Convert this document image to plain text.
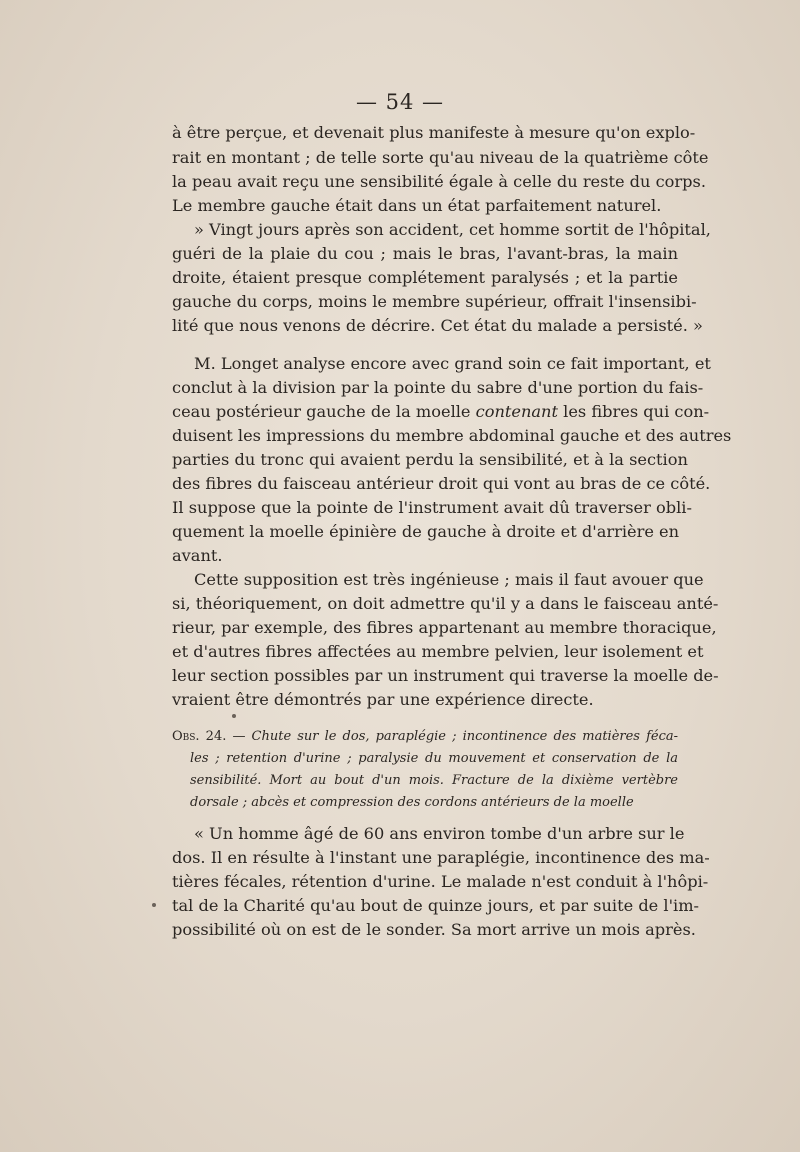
— 54 —
à être perçue, et devenait plus manifeste à mesure qu'on explo-
rait en montant ; de telle sorte qu'au niveau de la quatrième côte
la peau avait reçu une sensibilité égale à celle du reste du corps.
Le membre gauche était dans un état parfaitement naturel.
» Vingt jours après son accident, cet homme sortit de l'hôpital,
guéri de la plaie du cou ; mais le bras, l'avant-bras, la main
droite, étaient presque complétement paralysés ; et la partie
gauche du corps, moins le membre supérieur, offrait l'insensibi-
lité que nous venons de décrire. Cet état du malade a persisté. »
M. Longet analyse encore avec grand soin ce fait important, et
conclut à la division par la pointe du sabre d'une portion du fais-
ceau postérieur gauche de la moelle contenant les fibres qui con-
duisent les impressions du membre abdominal gauche et des autres
parties du tronc qui avaient perdu la sensibilité, et à la section
des fibres du faisceau antérieur droit qui vont au bras de ce côté.
Il suppose que la pointe de l'instrument avait dû traverser obli-
quement la moelle épinière de gauche à droite et d'arrière en
avant.
Cette supposition est très ingénieuse ; mais il faut avouer que
si, théoriquement, on doit admettre qu'il y a dans le faisceau anté-
rieur, par exemple, des fibres appartenant au membre thoracique,
et d'autres fibres affectées au membre pelvien, leur isolement et
leur section possibles par un instrument qui traverse la moelle de-
vraient être démontrés par une expérience directe.
Obs. 24. — Chute sur le dos, paraplégie ; incontinence des matières féca-
les ; retention d'urine ; paralysie du mouvement et conservation de la
sensibilité. Mort au bout d'un mois. Fracture de la dixième vertèbre
dorsale ; abcès et compression des cordons antérieurs de la moelle
« Un homme âgé de 60 ans environ tombe d'un arbre sur le
dos. Il en résulte à l'instant une paraplégie, incontinence des ma-
tières fécales, rétention d'urine. Le malade n'est conduit à l'hôpi-
tal de la Charité qu'au bout de quinze jours, et par suite de l'im-
possibilité où on est de le sonder. Sa mort arrive un mois après.
